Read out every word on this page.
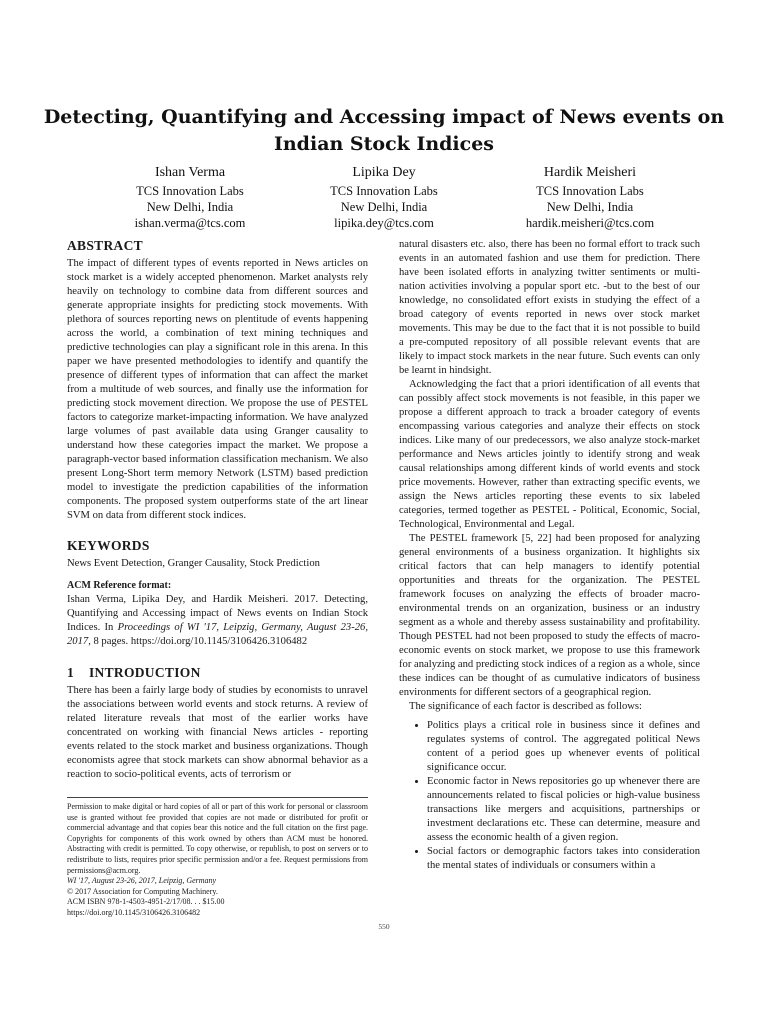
Detecting, Quantifying and Accessing impact of News events on Indian Stock Indices
Ishan Verma
TCS Innovation Labs
New Delhi, India
ishan.verma@tcs.com
Lipika Dey
TCS Innovation Labs
New Delhi, India
lipika.dey@tcs.com
Hardik Meisheri
TCS Innovation Labs
New Delhi, India
hardik.meisheri@tcs.com
ABSTRACT

The impact of different types of events reported in News articles on stock market is a widely accepted phenomenon. Market analysts rely heavily on technology to combine data from different sources and generate appropriate insights for predicting stock movements. With plethora of sources reporting news on plentitude of events happening across the world, a combination of text mining techniques and predictive technologies can play a significant role in this arena. In this paper we have presented methodologies to identify and quantify the presence of different types of information that can affect the market from a multitude of web sources, and finally use the information for predicting stock movement direction. We propose the use of PESTEL factors to categorize market-impacting information. We have analyzed large volumes of past available data using Granger causality to understand how these categories impact the market. We propose a paragraph-vector based information classification mechanism. We also present Long-Short term memory Network (LSTM) based prediction model to investigate the prediction capabilities of the information components. The proposed system outperforms state of the art linear SVM on data from different stock indices.

KEYWORDS

News Event Detection, Granger Causality, Stock Prediction

ACM Reference format:

Ishan Verma, Lipika Dey, and Hardik Meisheri. 2017. Detecting, Quantifying and Accessing impact of News events on Indian Stock Indices. In Proceedings of WI '17, Leipzig, Germany, August 23-26, 2017, 8 pages. https://doi.org/10.1145/3106426.3106482

1 INTRODUCTION

There has been a fairly large body of studies by economists to unravel the associations between world events and stock returns. A review of related literature reveals that most of the earlier works have concentrated on working with financial News articles - reporting events related to the stock market and business organizations. Though economists agree that stock markets can show abnormal behavior as a reaction to socio-political events, acts of terrorism or

Permission to make digital or hard copies of all or part of this work for personal or classroom use is granted without fee provided that copies are not made or distributed for profit or commercial advantage and that copies bear this notice and the full citation on the first page. Copyrights for components of this work owned by others than ACM must be honored. Abstracting with credit is permitted. To copy otherwise, or republish, to post on servers or to redistribute to lists, requires prior specific permission and/or a fee. Request permissions from permissions@acm.org.

WI '17, August 23-26, 2017, Leipzig, Germany

© 2017 Association for Computing Machinery.

ACM ISBN 978-1-4503-4951-2/17/08. . . $15.00

https://doi.org/10.1145/3106426.3106482

natural disasters etc. also, there has been no formal effort to track such events in an automated fashion and use them for prediction. There have been isolated efforts in analyzing twitter sentiments or multi-nation activities involving a popular sport etc. -but to the best of our knowledge, no consolidated effort exists in studying the effect of a broad category of events reported in news over stock market movements. This may be due to the fact that it is not possible to build a pre-computed repository of all possible relevant events that are likely to impact stock markets in the near future. Such events can only be learnt in hindsight.

Acknowledging the fact that a priori identification of all events that can possibly affect stock movements is not feasible, in this paper we propose a different approach to track a broader category of events encompassing various categories and analyze their effects on stock indices. Like many of our predecessors, we also analyze stock-market performance and News articles jointly to identify strong and weak causal relationships among different kinds of world events and stock price movements. However, rather than extracting specific events, we assign the News articles reporting these events to six labeled categories, termed together as PESTEL - Political, Economic, Social, Technological, Environmental and Legal.

The PESTEL framework [5, 22] had been proposed for analyzing general environments of a business organization. It highlights six critical factors that can help managers to identify potential opportunities and threats for the organization. The PESTEL framework focuses on analyzing the effects of broader macro-environmental trends on an organization, business or an industry segment as a whole and thereby assess sustainability and profitability. Though PESTEL had not been proposed to study the effects of macro-economic events on stock market, we propose to use this framework for analyzing and predicting stock indices of a region as a whole, since these indices can be thought of as cumulative indicators of business environments for different sectors of a geographical region.

The significance of each factor is described as follows:

• Politics plays a critical role in business since it defines and regulates systems of control. The aggregated political News content of a period goes up whenever events of political significance occur.
• Economic factor in News repositories go up whenever there are announcements related to fiscal policies or high-value business transactions like mergers and acquisitions, partnerships or investment declarations etc. These can determine, measure and assess the economic health of a given region.
• Social factors or demographic factors takes into consideration the mental states of individuals or consumers within a
550
